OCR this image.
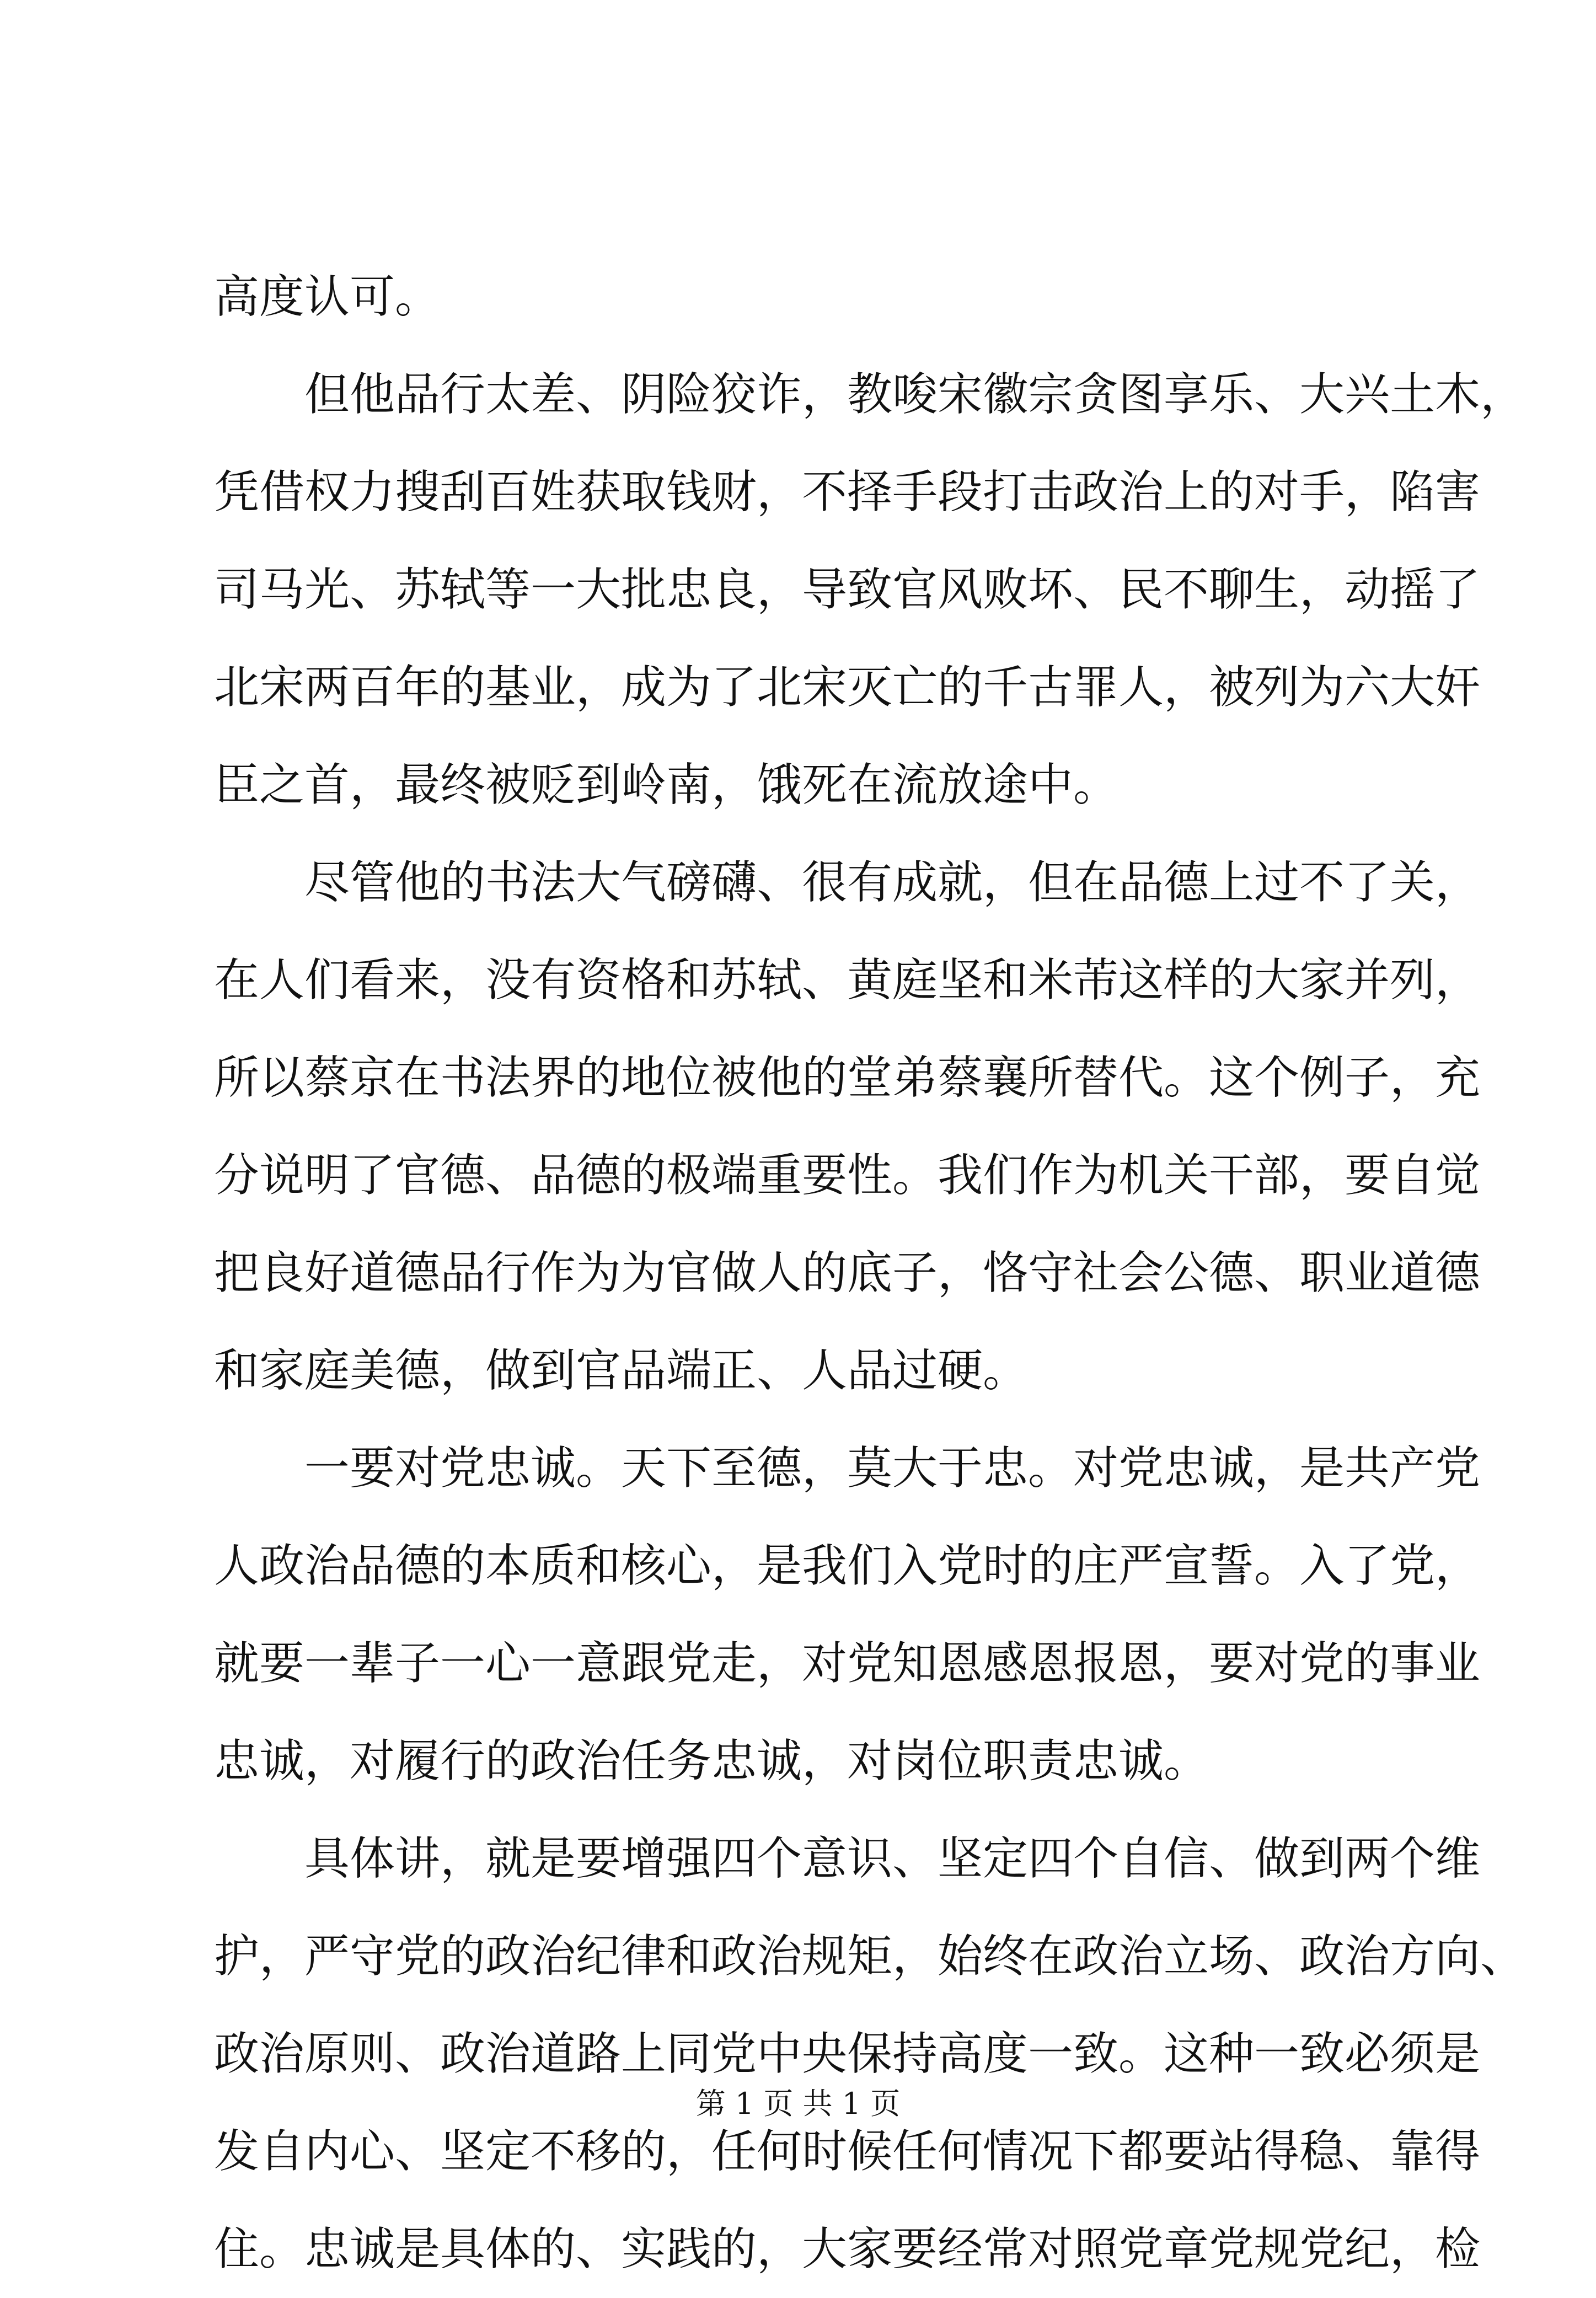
高度认可。
但他品行太差、阴险狡诈，教唆宋徽宗贪图享乐、大兴土木，
凭借权力搜刮百姓获取钱财，不择手段打击政治上的对手，陷害
司马光、苏轼等一大批忠良，导致官风败坏、民不聊生，动摇了
北宋两百年的基业，成为了北宋灭亡的千古罪人，被列为六大奸
臣之首，最终被贬到岭南，饿死在流放途中。
尽管他的书法大气磅礴、很有成就，但在品德上过不了关，
在人们看来，没有资格和苏轼、黄庭坚和米芾这样的大家并列，
所以蔡京在书法界的地位被他的堂弟蔡襄所替代。这个例子，充
分说明了官德、品德的极端重要性。我们作为机关干部，要自觉
把良好道德品行作为为官做人的底子，恪守社会公德、职业道德
和家庭美德，做到官品端正、人品过硬。
一要对党忠诚。天下至德，莫大于忠。对党忠诚，是共产党
人政治品德的本质和核心，是我们入党时的庄严宣誓。入了党，
就要一辈子一心一意跟党走，对党知恩感恩报恩，要对党的事业
忠诚，对履行的政治任务忠诚，对岗位职责忠诚。
具体讲，就是要增强四个意识、坚定四个自信、做到两个维
护，严守党的政治纪律和政治规矩，始终在政治立场、政治方向、
政治原则、政治道路上同党中央保持高度一致。这种一致必须是
发自内心、坚定不移的，任何时候任何情况下都要站得稳、靠得
住。忠诚是具体的、实践的，大家要经常对照党章党规党纪，检
第 1 页 共 1 页
